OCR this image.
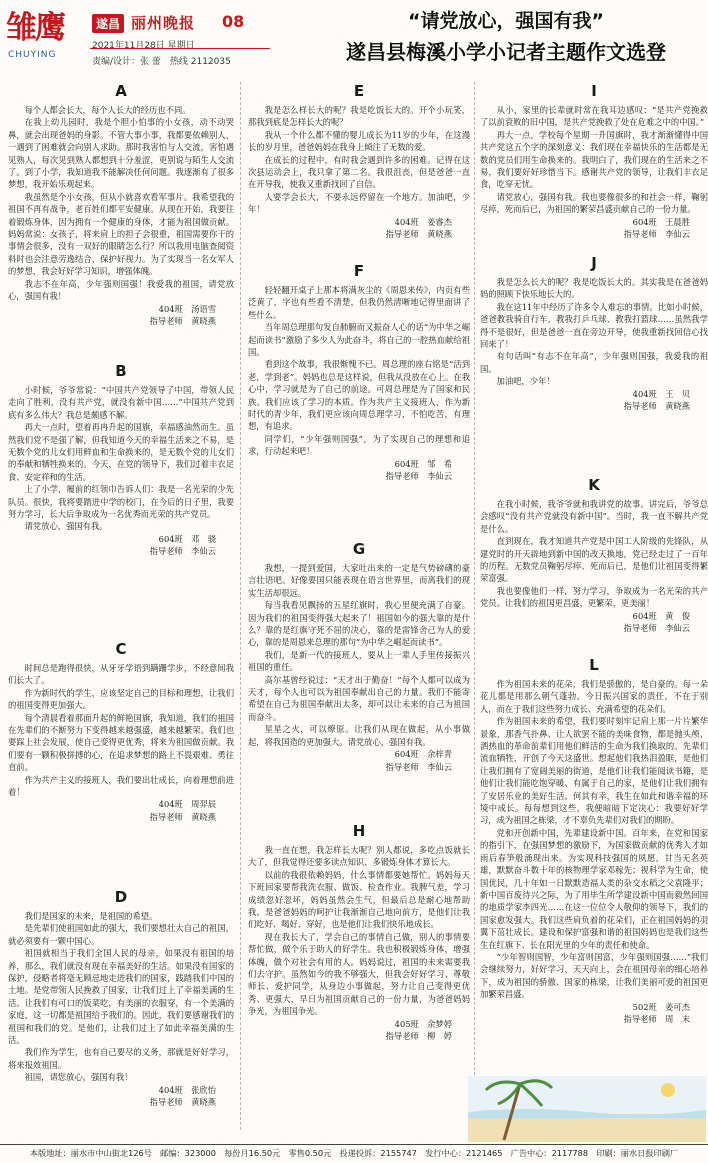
雏鹰
CHUYING
遂昌 丽州晚报 08
2021年11月28日 星期日
责编/设计：张 蕾　热线 2112035
“请党放心，强国有我”
遂昌县梅溪小学小记者主题作文选登
A

每个人都会长大，每个人长大的经历也不同。

在我上幼儿园时，我是个胆小怕事的小女孩，动不动哭鼻，就会出现爸妈的身影。不管大事小事，我都要依赖别人，一遇到了困难就会向别人求助。那时我害怕与人交流，害怕遇见熟人，每次见到熟人都想到十分羞涩，更别说与陌生人交流了。到了小学，我知道我不能解决任何问题。我逐渐有了很多梦想，我开始乐观起来。

我虽然是个小女孩，但从小就喜欢看军事片。我希望我的祖国不再有战争，老百姓们都平安健康。从现在开始，我要往着锻炼身体，因为拥有一个健康的身体，才能为祖国做贡献。妈妈常说：女孩子，将来肩上的担子会很重，祖国需要你干的事情会很多，没有一双好的眼睛怎么行？所以我用电脑查阅资料时也会注意劳逸结合，保护好视力。为了实现当一名女军人的梦想，我会好好学习知识，增强体魄。

我志不在年高，少年强则国强！我爱我的祖国，请党放心，强国有我！

404班　汤语雪
指导老师　黄晓燕
B

小时候，爷爷常说：“中国共产党领导了中国，带领人民走向了胜利，没有共产党，就没有新中国……”中国共产党到底有多么伟大？我总是颇感不解。

再大一点时，望着再冉升起的国旗，幸福感油然而生。虽然我们党不是强了解，但我知道今天的幸福生活来之不易，是无数个党的儿女们用鲜血和生命换来的，是无数个党的儿女们的奉献和牺牲换来的。今天，在党的领导下，我们过着丰衣足食、安定祥和的生活。

上了小学，履前的红领巾告诉人们：我是一名光荣的少先队员。很快，我将要踏进中学的校门，在今后的日子里，我要努力学习，长大后争取成为一名优秀而光荣的共产党员。

请党放心，强国有我。

604班　邓　骁
指导老师　李仙云
C

时间总是跑得很快，从牙牙学语到蹒跚学步，不经意间我们长大了。

作为新时代的学生，应该坚定自己的目标和理想，让我们的祖国变得更加强大。

每个清晨看着那面升起的鲜艳国旗，我知道，我们的祖国在先辈们的不断努力下变得越来越强盛，越来越繁荣。我们也要踩上社会发展，使自己变得更优秀，将来为祖国做贡献。我们要有一颗积极拼搏的心，在追求梦想的路上不畏艰难、勇往直前。

作为共产主义的接班人，我们要出壮成长，向着理想前进着！

404班　周羿辰
指导老师　黄晓燕
D

我们是国家的未来，是祖国的希望。

是先辈们使祖国如此的强大，我们要想壮大自己的祖国，就必须要有一颗中国心。

祖国就相当于我们全国人民的母亲，如果没有祖国的培养，那么，我们就没有现在幸福美好的生活。如果没有国家的保护，侵略者将毫无顾忌地走进我们的国家，践踏我们中国的土地。是党带领人民挽救了国家，让我们过上了幸福美满的生活。让我们有可口的饭菜吃，有美丽的衣服穿，有一个美满的家庭，这一切都是祖国给予我们的。因此，我们要感谢我们的祖国和我们的党。是他们，让我们过上了如此幸福美满的生活。

我们作为学生，也有自己要尽的义务，那就是好好学习，将来报效祖国。

祖国，请您放心，强国有我！

404班　张欣怡
指导老师　黄晓燕
E

我是怎么样长大的呢？我是吃饭长大的。开个小玩笑，那我到底是怎样长大的呢？

我从一个什么都不懂的婴儿成长为11岁的少年，在这漫长的岁月里，爸爸妈妈在我身上倾注了无数的爱。

在成长的过程中，有时我会遇到许多的困难。记得在这次县运动会上，我只拿了第二名。我很沮丧，但是爸爸一直在开导我，使我又重新找回了自信。

人要学会长大，不要永远停留在一个地方。加油吧，少年！

404班　姜睿杰
指导老师　黄晓燕
F

轻轻翻开桌子上那本将满灰尘的《周恩来传》，内页有些泛黄了，字也有些看不清楚，但我仍然清晰地记得里面讲了些什么。

当年周总理那句发自肺腑而又振奋人心的话“为中华之崛起而读书”激励了多少人为此奋斗，将自己的一腔热血献给祖国。

看到这个故事，我很惭愧不已。周总理的座右铭是“活到老，学到老”。妈妈也总是这样说，但我从没放在心上。在我心中，学习就是为了自己的前途。可周总理是为了国家和民族。我们应该了学习的本质。作为共产主义接班人，作为新时代的青少年，我们更应该向周总理学习，不怕吃苦，有理想，有追求。

同学们，“少年强则国强”，为了实现自己的理想和追求，行动起来吧！

604班　邹　希
指导老师　李仙云
G

我想，一提到爱国，大家吐出来的一定是气势磅礴的豪言壮语吧。好像要国只能表现在语言世界里，而离我们的现实生活却很远。

每当我看见飘扬的五星红旗时，我心里便充满了自豪。因为我们的祖国变得强大起来了！祖国如今的强大靠的是什么？靠的是红旗守死不屈的决心，靠的是雷锋舍己为人的爱心，靠的是周恩来总理的那句“为中华之崛起而读书”。

我们，是新一代的接班人，要从上一辈人手里传接振兴祖国的重任。

高尔基曾经说过：“天才出于勤奋！”每个人都可以成为天才，每个人也可以为祖国奉献出自己的力量。我们不能寄希望在自己为祖国奉献出太多，却可以让未来的自己为祖国而奋斗。

星星之火，可以燎原。让我们从现在做起，从小事做起，将我国造的更加强大。请党放心，强国有我。

604班　余梓青
指导老师　李仙云
H

我一直在想，我怎样长大呢？别人都说，多吃点饭就长大了，但我觉得还要多读点知识、多锻炼身体才算长大。

以前的我很依赖妈妈，什么事情都要她帮忙。妈妈每天下班回家要帮我洗衣服、做饭、检查作业。我脾气差，学习成绩忽好忽坏，妈妈虽然会生气，但最后总是耐心地帮助我。是爸爸妈妈的呵护让我渐渐自己地向前方，是他们让我们吃好、喝好、穿好，也是他们让我们快乐地成长。

现在我长大了，学会自己的事情自己做，别人的事情要帮忙做，做个乐于助人的好学生。我也积极锻炼身体，增强体魄，做个对社会有用的人。妈妈说过，祖国的未来需要我们去守护。虽然如今的我不够强大，但我会好好学习、尊敬师长、爱护同学，从身边小事做起，努力让自己变得更优秀、更强大，早日为祖国贡献自己的一份力量，为爸爸妈妈争光，为祖国争光。

405班　余梦婷
指导老师　柳　婷
I

从小，家里的长辈就时常在我耳边感叹：“是共产党挽救了以前衰败的旧中国，是共产党挽救了处在危难之中的中国。”

再大一点，学校每个星期一升国旗时，我才渐渐懂得中国共产党这五个字的深刻意义：我们现在幸福快乐的生活都是无数的党员们用生命换来的。我明白了，我们现在的生活来之不易，我们要好好珍惜当下。感谢共产党的领导，让我们丰衣足食，吃穿无忧。

请党放心，强国有我。我也要像很多的和社会一样，鞠躬尽瘁，死而后已，为祖国的繁荣昌盛贡献自己的一份力量。

604班　王晨胜
指导老师　李仙云
J

我是怎么长大的呢？我是吃饭长大的。其实我是在爸爸妈妈的照顾下快乐地长大的。

我在这11年中经历了许多令人难忘的事情。比如小时候，爸爸教我骑自行车，教我打乒乓球、教我打篮球……虽然我学得不是很好，但是爸爸一直在旁边开导，使我重新找回信心找回来了！

有句话叫“有志不在年高”，少年强则国强，我爱我的祖国。

加油吧，少年！

404班　王　贝
指导老师　黄晓燕
K

在我小时候，我爷爷就和我讲党的故事。讲完后，爷爷总会感叹“没有共产党就没有新中国”。当时，我一直不解共产党是什么。

直到现在，我才知道共产党是中国工人阶级的先锋队，从建党时的开天辟地到新中国的改天换地，党已经走过了一百年的历程。无数党员鞠躬尽瘁、死而后已，是他们让祖国变得繁荣富强。

我也要像他们一样，努力学习，争取成为一名光荣的共产党员。让我们的祖国更昌盛，更繁荣，更美丽！

604班　黄　俊
指导老师　李仙云
L

作为祖国未来的花朵，我们是骄傲的，是自豪的。每一朵花儿都是用那么朝气蓬勃。今日振兴国家的责任，不在于别人，而在于我们这些努力成长、充满希望的花朵们。

作为祖国未来的希望，我们要时刻牢记肩上那一片片繁华景象，那香气扑鼻、让人欲罢不能的美味食物，都是抛头颅、洒热血的革命前辈们用他们鲜活的生命为我们换取的。先辈们流血牺牲，开创了今天这盛世。想起他们我热泪盈眶，是他们让我们拥有了宽阔美丽的街道，是他们让我们能阅读书籍，是他们让我们能吃饱穿暖、有属于自己的家，是他们让我们拥有了安居乐业的美好生活。何其有幸，我生在如此和谐幸福的环境中成长。每每想到这些，我便暗暗下定决心：我要好好学习，成为祖国之栋梁，才不辜负先辈们对我们的期盼。

党和开创新中国，先辈建设新中国。百年来，在党和国家的指引下，在强国梦想的激励下，为国家做贡献的优秀人才如雨后春笋般涌现出来。为实现科技强国的夙愿，甘当无名英雄，默默奋斗数十年的核物理学家邓稼先；视科学为生命，使国优民，几十年如一日默默造福人类的杂交水稻之父袁隆平；新中国百废待兴之际，为了用毕生所学建设新中国而毅然回国的地质学家李四光……在这一位位令人敬仰的领导下，我们的国家愈发强大。我们这些肩负着的花朵们，正在祖国妈妈的羽翼下茁壮成长。建设和保护富强和谐的祖国妈妈也是我们这些生在红旗下、长在阳光里的少年的责任和使命。

“少年智则国智，少年富则国富，少年强则国强……”我们会继续努力，好好学习，天天向上，会在祖国母亲的细心培养下，成为祖国的骄傲、国家的栋梁，让我们美丽可爱的祖国更加繁荣昌盛。

502班　姜可杰
指导老师　周　末
本版地址：丽水市中山街北126号　邮编：323000　每份月16.50元　零售0.50元　投递投诉：2155747　发行中心：2121465　广告中心：2117788　印刷：丽水日报印刷厂
